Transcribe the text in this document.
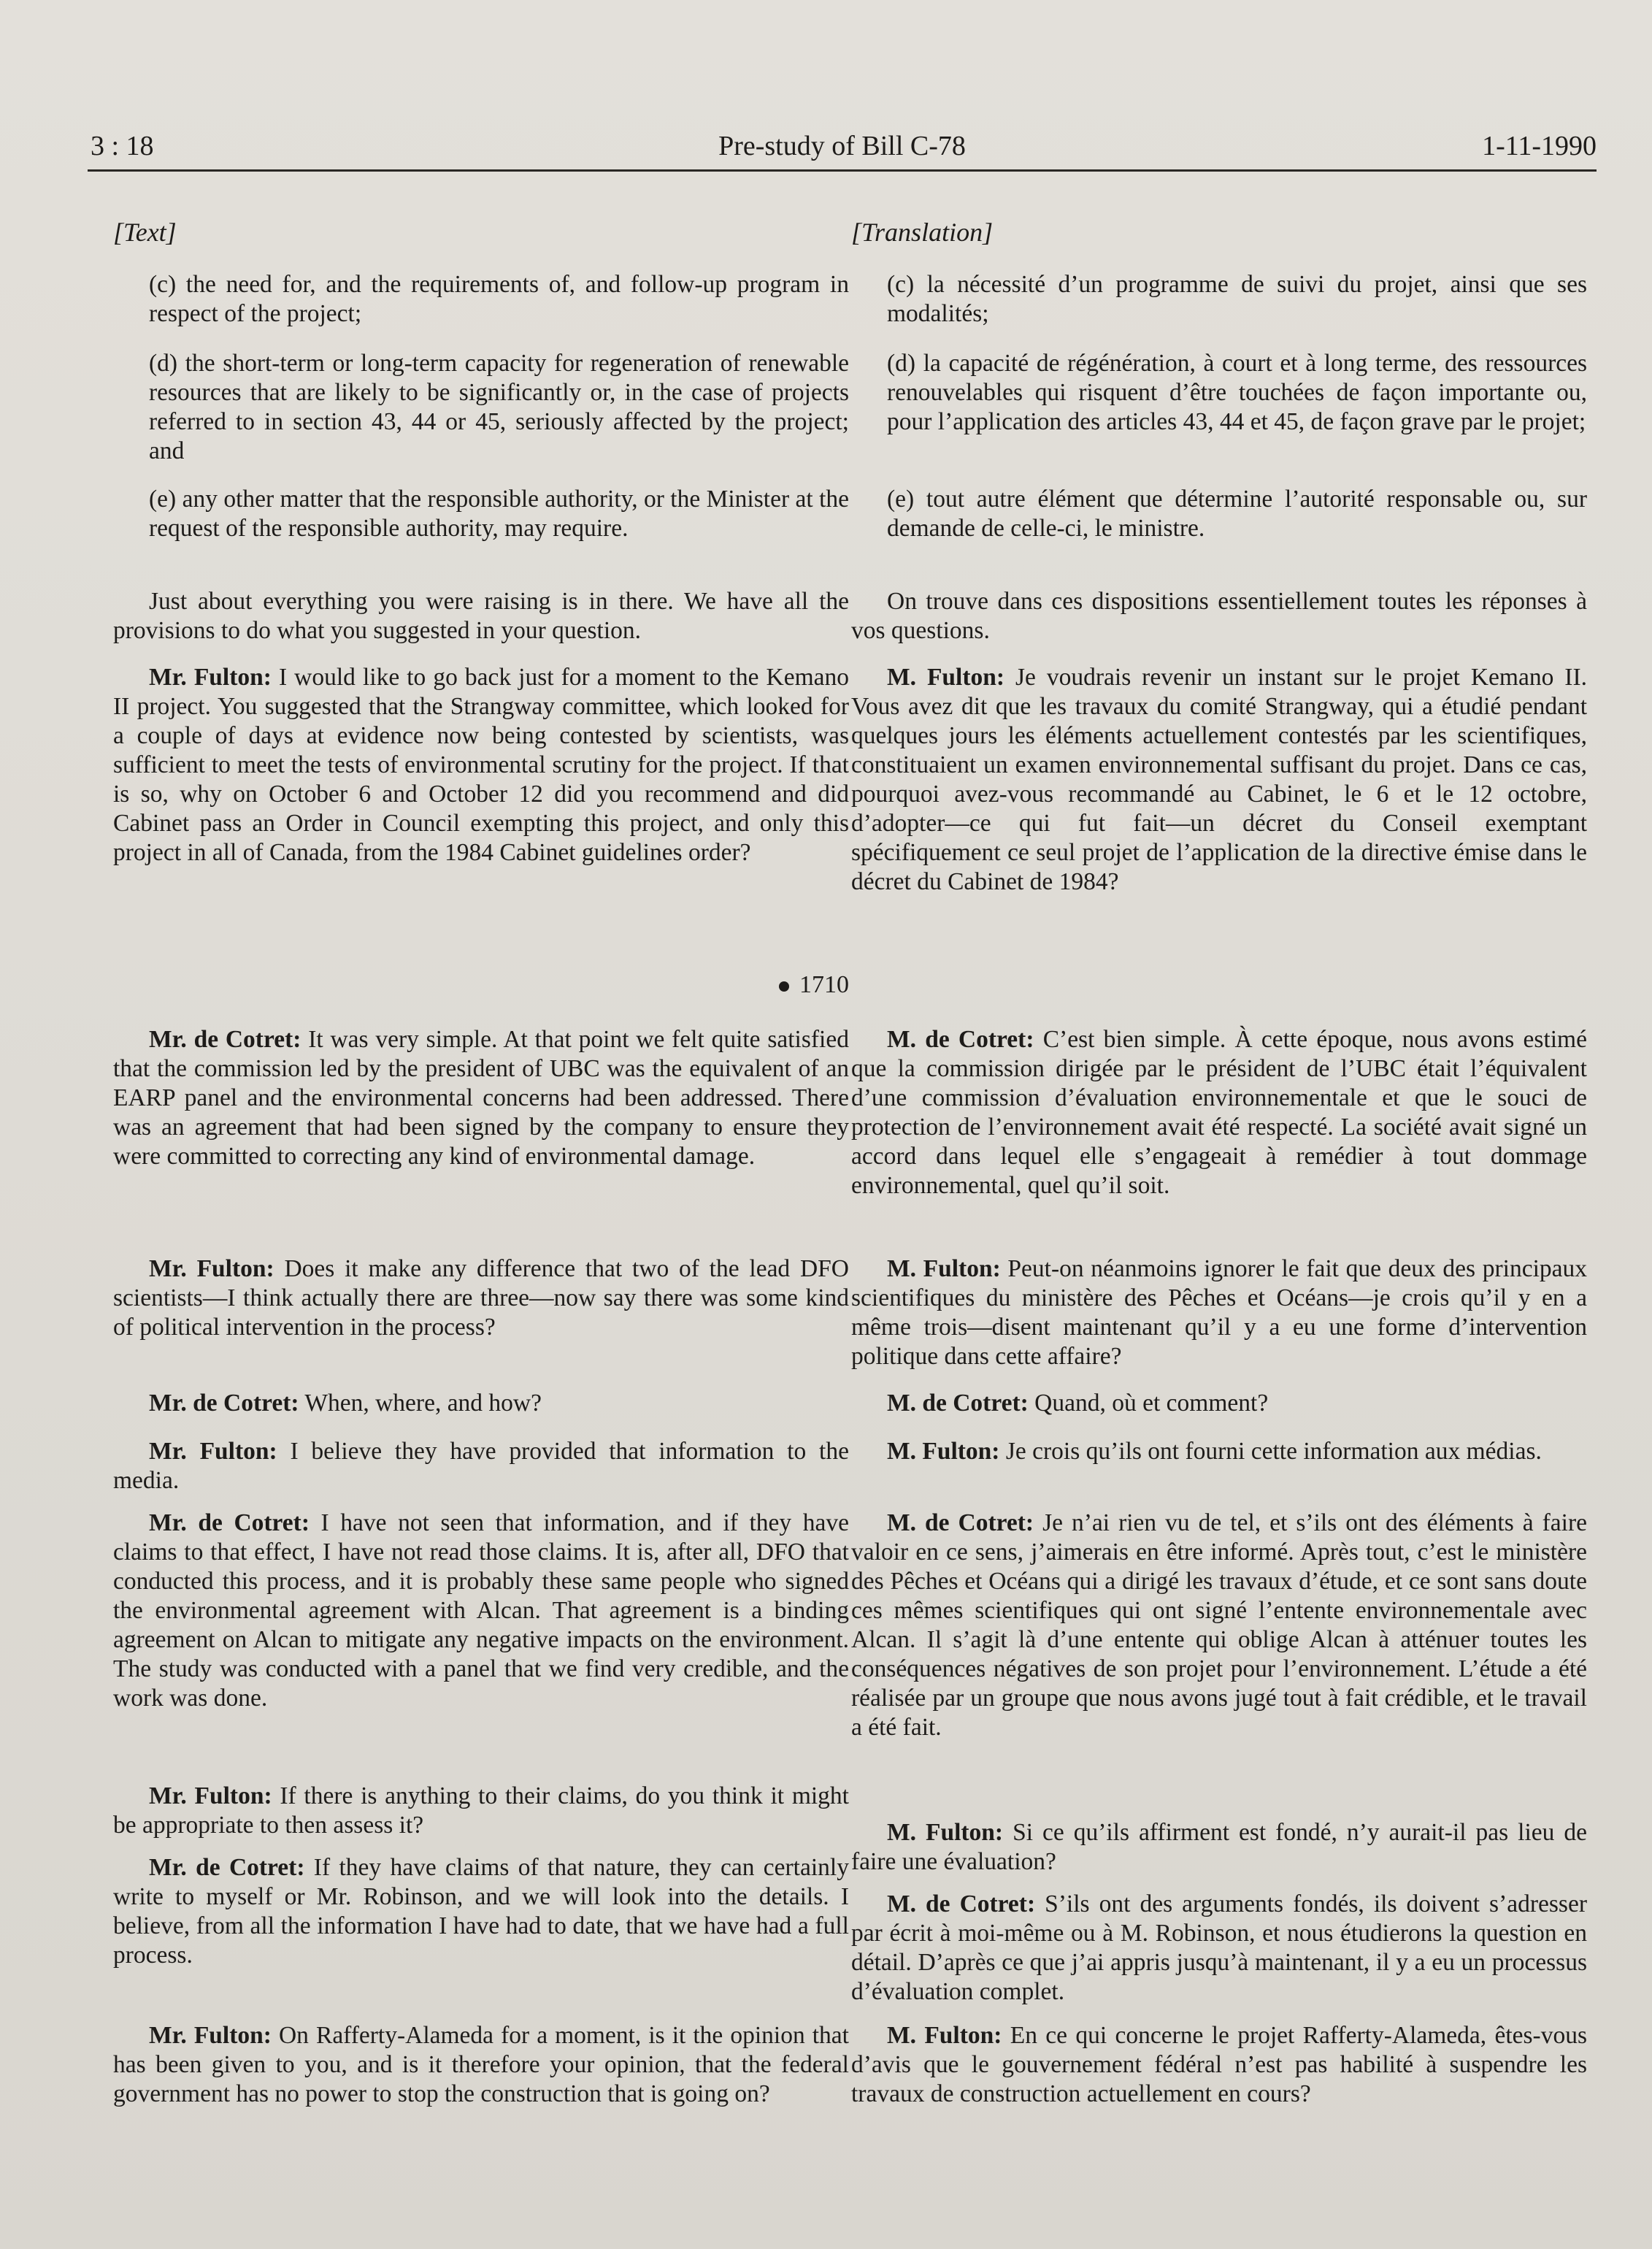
3 : 18	Pre-study of Bill C-78	1-11-1990
[Text]

(c) the need for, and the requirements of, and follow-up program in respect of the project;

(d) the short-term or long-term capacity for regeneration of renewable resources that are likely to be significantly or, in the case of projects referred to in section 43, 44 or 45, seriously affected by the project; and

(e) any other matter that the responsible authority, or the Minister at the request of the responsible authority, may require.

Just about everything you were raising is in there. We have all the provisions to do what you suggested in your question.

Mr. Fulton: I would like to go back just for a moment to the Kemano II project. You suggested that the Strangway committee, which looked for a couple of days at evidence now being contested by scientists, was sufficient to meet the tests of environmental scrutiny for the project. If that is so, why on October 6 and October 12 did you recommend and did Cabinet pass an Order in Council exempting this project, and only this project in all of Canada, from the 1984 Cabinet guidelines order?

1710

Mr. de Cotret: It was very simple. At that point we felt quite satisfied that the commission led by the president of UBC was the equivalent of an EARP panel and the environmental concerns had been addressed. There was an agreement that had been signed by the company to ensure they were committed to correcting any kind of environmental damage.

Mr. Fulton: Does it make any difference that two of the lead DFO scientists—I think actually there are three—now say there was some kind of political intervention in the process?

Mr. de Cotret: When, where, and how?

Mr. Fulton: I believe they have provided that information to the media.

Mr. de Cotret: I have not seen that information, and if they have claims to that effect, I have not read those claims. It is, after all, DFO that conducted this process, and it is probably these same people who signed the environmental agreement with Alcan. That agreement is a binding agreement on Alcan to mitigate any negative impacts on the environment. The study was conducted with a panel that we find very credible, and the work was done.

Mr. Fulton: If there is anything to their claims, do you think it might be appropriate to then assess it?

Mr. de Cotret: If they have claims of that nature, they can certainly write to myself or Mr. Robinson, and we will look into the details. I believe, from all the information I have had to date, that we have had a full process.

Mr. Fulton: On Rafferty-Alameda for a moment, is it the opinion that has been given to you, and is it therefore your opinion, that the federal government has no power to stop the construction that is going on?

[Translation]

(c) la nécessité d’un programme de suivi du projet, ainsi que ses modalités;

(d) la capacité de régénération, à court et à long terme, des ressources renouvelables qui risquent d’être touchées de façon importante ou, pour l’application des articles 43, 44 et 45, de façon grave par le projet;

(e) tout autre élément que détermine l’autorité responsable ou, sur demande de celle-ci, le ministre.

On trouve dans ces dispositions essentiellement toutes les réponses à vos questions.

M. Fulton: Je voudrais revenir un instant sur le projet Kemano II. Vous avez dit que les travaux du comité Strangway, qui a étudié pendant quelques jours les éléments actuellement contestés par les scientifiques, constituaient un examen environnemental suffisant du projet. Dans ce cas, pourquoi avez-vous recommandé au Cabinet, le 6 et le 12 octobre, d’adopter—ce qui fut fait—un décret du Conseil exemptant spécifiquement ce seul projet de l’application de la directive émise dans le décret du Cabinet de 1984?

M. de Cotret: C’est bien simple. À cette époque, nous avons estimé que la commission dirigée par le président de l’UBC était l’équivalent d’une commission d’évaluation environnementale et que le souci de protection de l’environnement avait été respecté. La société avait signé un accord dans lequel elle s’engageait à remédier à tout dommage environnemental, quel qu’il soit.

M. Fulton: Peut-on néanmoins ignorer le fait que deux des principaux scientifiques du ministère des Pêches et Océans—je crois qu’il y en a même trois—disent maintenant qu’il y a eu une forme d’intervention politique dans cette affaire?

M. de Cotret: Quand, où et comment?

M. Fulton: Je crois qu’ils ont fourni cette information aux médias.

M. de Cotret: Je n’ai rien vu de tel, et s’ils ont des éléments à faire valoir en ce sens, j’aimerais en être informé. Après tout, c’est le ministère des Pêches et Océans qui a dirigé les travaux d’étude, et ce sont sans doute ces mêmes scientifiques qui ont signé l’entente environnementale avec Alcan. Il s’agit là d’une entente qui oblige Alcan à atténuer toutes les conséquences négatives de son projet pour l’environnement. L’étude a été réalisée par un groupe que nous avons jugé tout à fait crédible, et le travail a été fait.

M. Fulton: Si ce qu’ils affirment est fondé, n’y aurait-il pas lieu de faire une évaluation?

M. de Cotret: S’ils ont des arguments fondés, ils doivent s’adresser par écrit à moi-même ou à M. Robinson, et nous étudierons la question en détail. D’après ce que j’ai appris jusqu’à maintenant, il y a eu un processus d’évaluation complet.

M. Fulton: En ce qui concerne le projet Rafferty-Alameda, êtes-vous d’avis que le gouvernement fédéral n’est pas habilité à suspendre les travaux de construction actuellement en cours?
